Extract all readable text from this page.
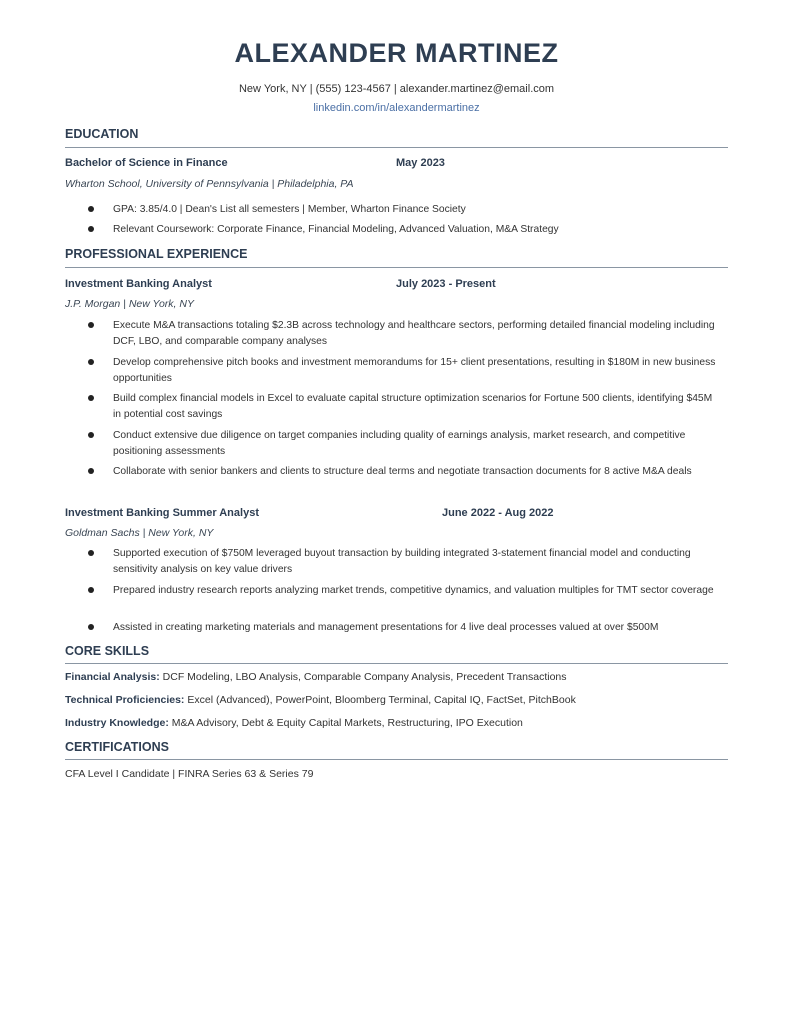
ALEXANDER MARTINEZ
New York, NY | (555) 123-4567 | alexander.martinez@email.com
linkedin.com/in/alexandermartinez
EDUCATION
Bachelor of Science in Finance	May 2023
Wharton School, University of Pennsylvania | Philadelphia, PA
GPA: 3.85/4.0 | Dean's List all semesters | Member, Wharton Finance Society
Relevant Coursework: Corporate Finance, Financial Modeling, Advanced Valuation, M&A Strategy
PROFESSIONAL EXPERIENCE
Investment Banking Analyst	July 2023 - Present
J.P. Morgan | New York, NY
Execute M&A transactions totaling $2.3B across technology and healthcare sectors, performing detailed financial modeling including DCF, LBO, and comparable company analyses
Develop comprehensive pitch books and investment memorandums for 15+ client presentations, resulting in $180M in new business opportunities
Build complex financial models in Excel to evaluate capital structure optimization scenarios for Fortune 500 clients, identifying $45M in potential cost savings
Conduct extensive due diligence on target companies including quality of earnings analysis, market research, and competitive positioning assessments
Collaborate with senior bankers and clients to structure deal terms and negotiate transaction documents for 8 active M&A deals
Investment Banking Summer Analyst	June 2022 - Aug 2022
Goldman Sachs | New York, NY
Supported execution of $750M leveraged buyout transaction by building integrated 3-statement financial model and conducting sensitivity analysis on key value drivers
Prepared industry research reports analyzing market trends, competitive dynamics, and valuation multiples for TMT sector coverage
Assisted in creating marketing materials and management presentations for 4 live deal processes valued at over $500M
CORE SKILLS
Financial Analysis: DCF Modeling, LBO Analysis, Comparable Company Analysis, Precedent Transactions
Technical Proficiencies: Excel (Advanced), PowerPoint, Bloomberg Terminal, Capital IQ, FactSet, PitchBook
Industry Knowledge: M&A Advisory, Debt & Equity Capital Markets, Restructuring, IPO Execution
CERTIFICATIONS
CFA Level I Candidate | FINRA Series 63 & Series 79
